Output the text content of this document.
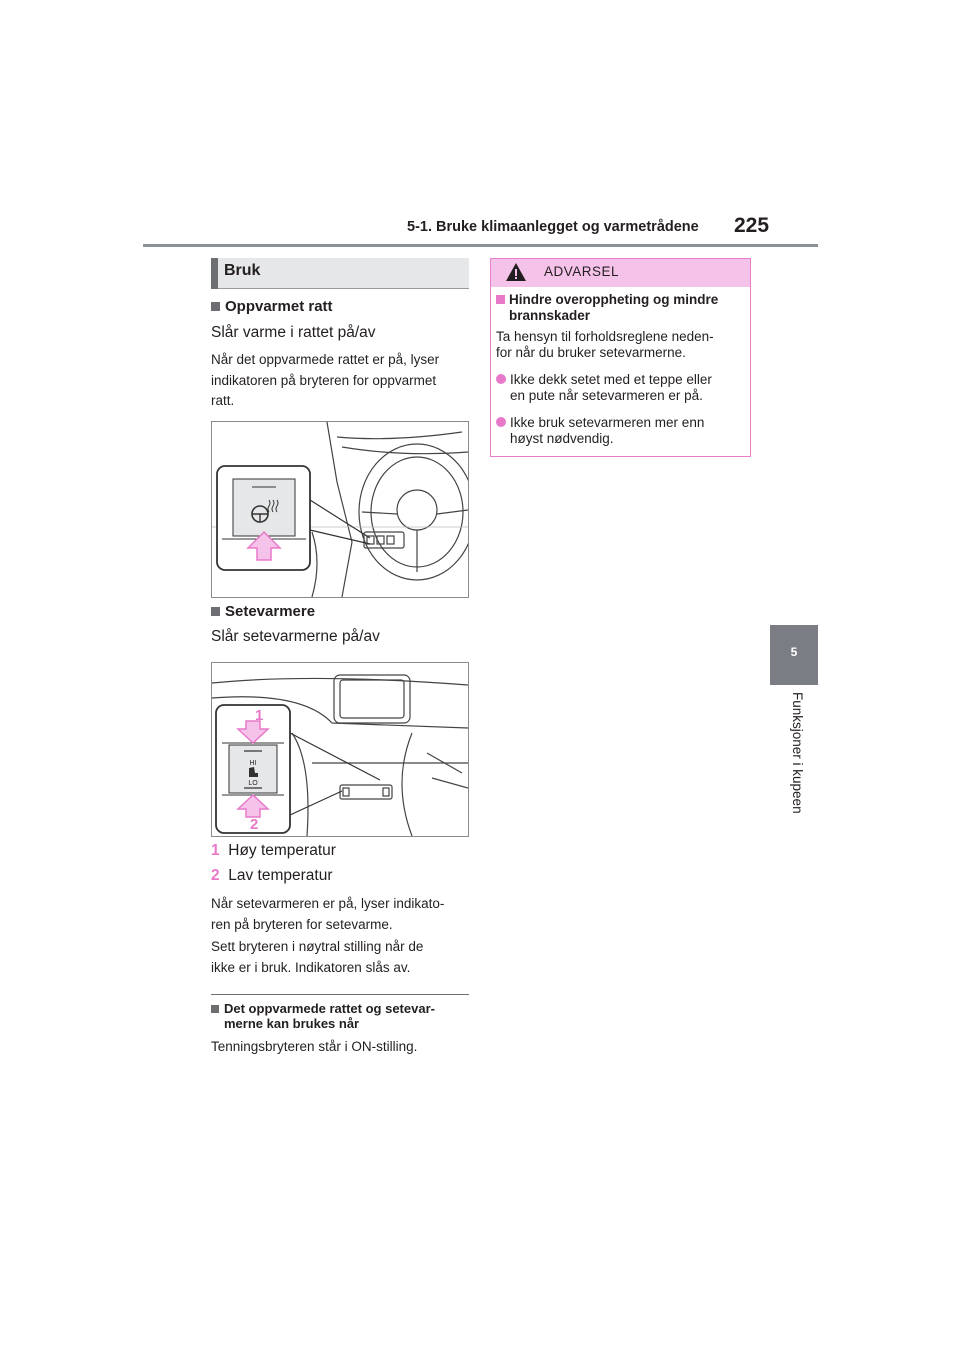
5-1. Bruke klimaanlegget og varmetrådene 225
5
Funksjoner i kupeen
Bruk
Oppvarmet ratt
Slår varme i rattet på/av
Når det oppvarmede rattet er på, lyser
indikatoren på bryteren for oppvarmet
ratt.
Setevarmere
Slår setevarmerne på/av
HI
LO
1
2
1 Høy temperatur
2 Lav temperatur
Når setevarmeren er på, lyser indikato-
ren på bryteren for setevarme.
Sett bryteren i nøytral stilling når de
ikke er i bruk. Indikatoren slås av.
Det oppvarmede rattet og setevar-
merne kan brukes når
Tenningsbryteren står i ON-stilling.
ADVARSEL
Hindre overoppheting og mindre
brannskader
Ta hensyn til forholdsreglene neden-
for når du bruker setevarmerne.
Ikke dekk setet med et teppe eller
en pute når setevarmeren er på.
Ikke bruk setevarmeren mer enn
høyst nødvendig.
